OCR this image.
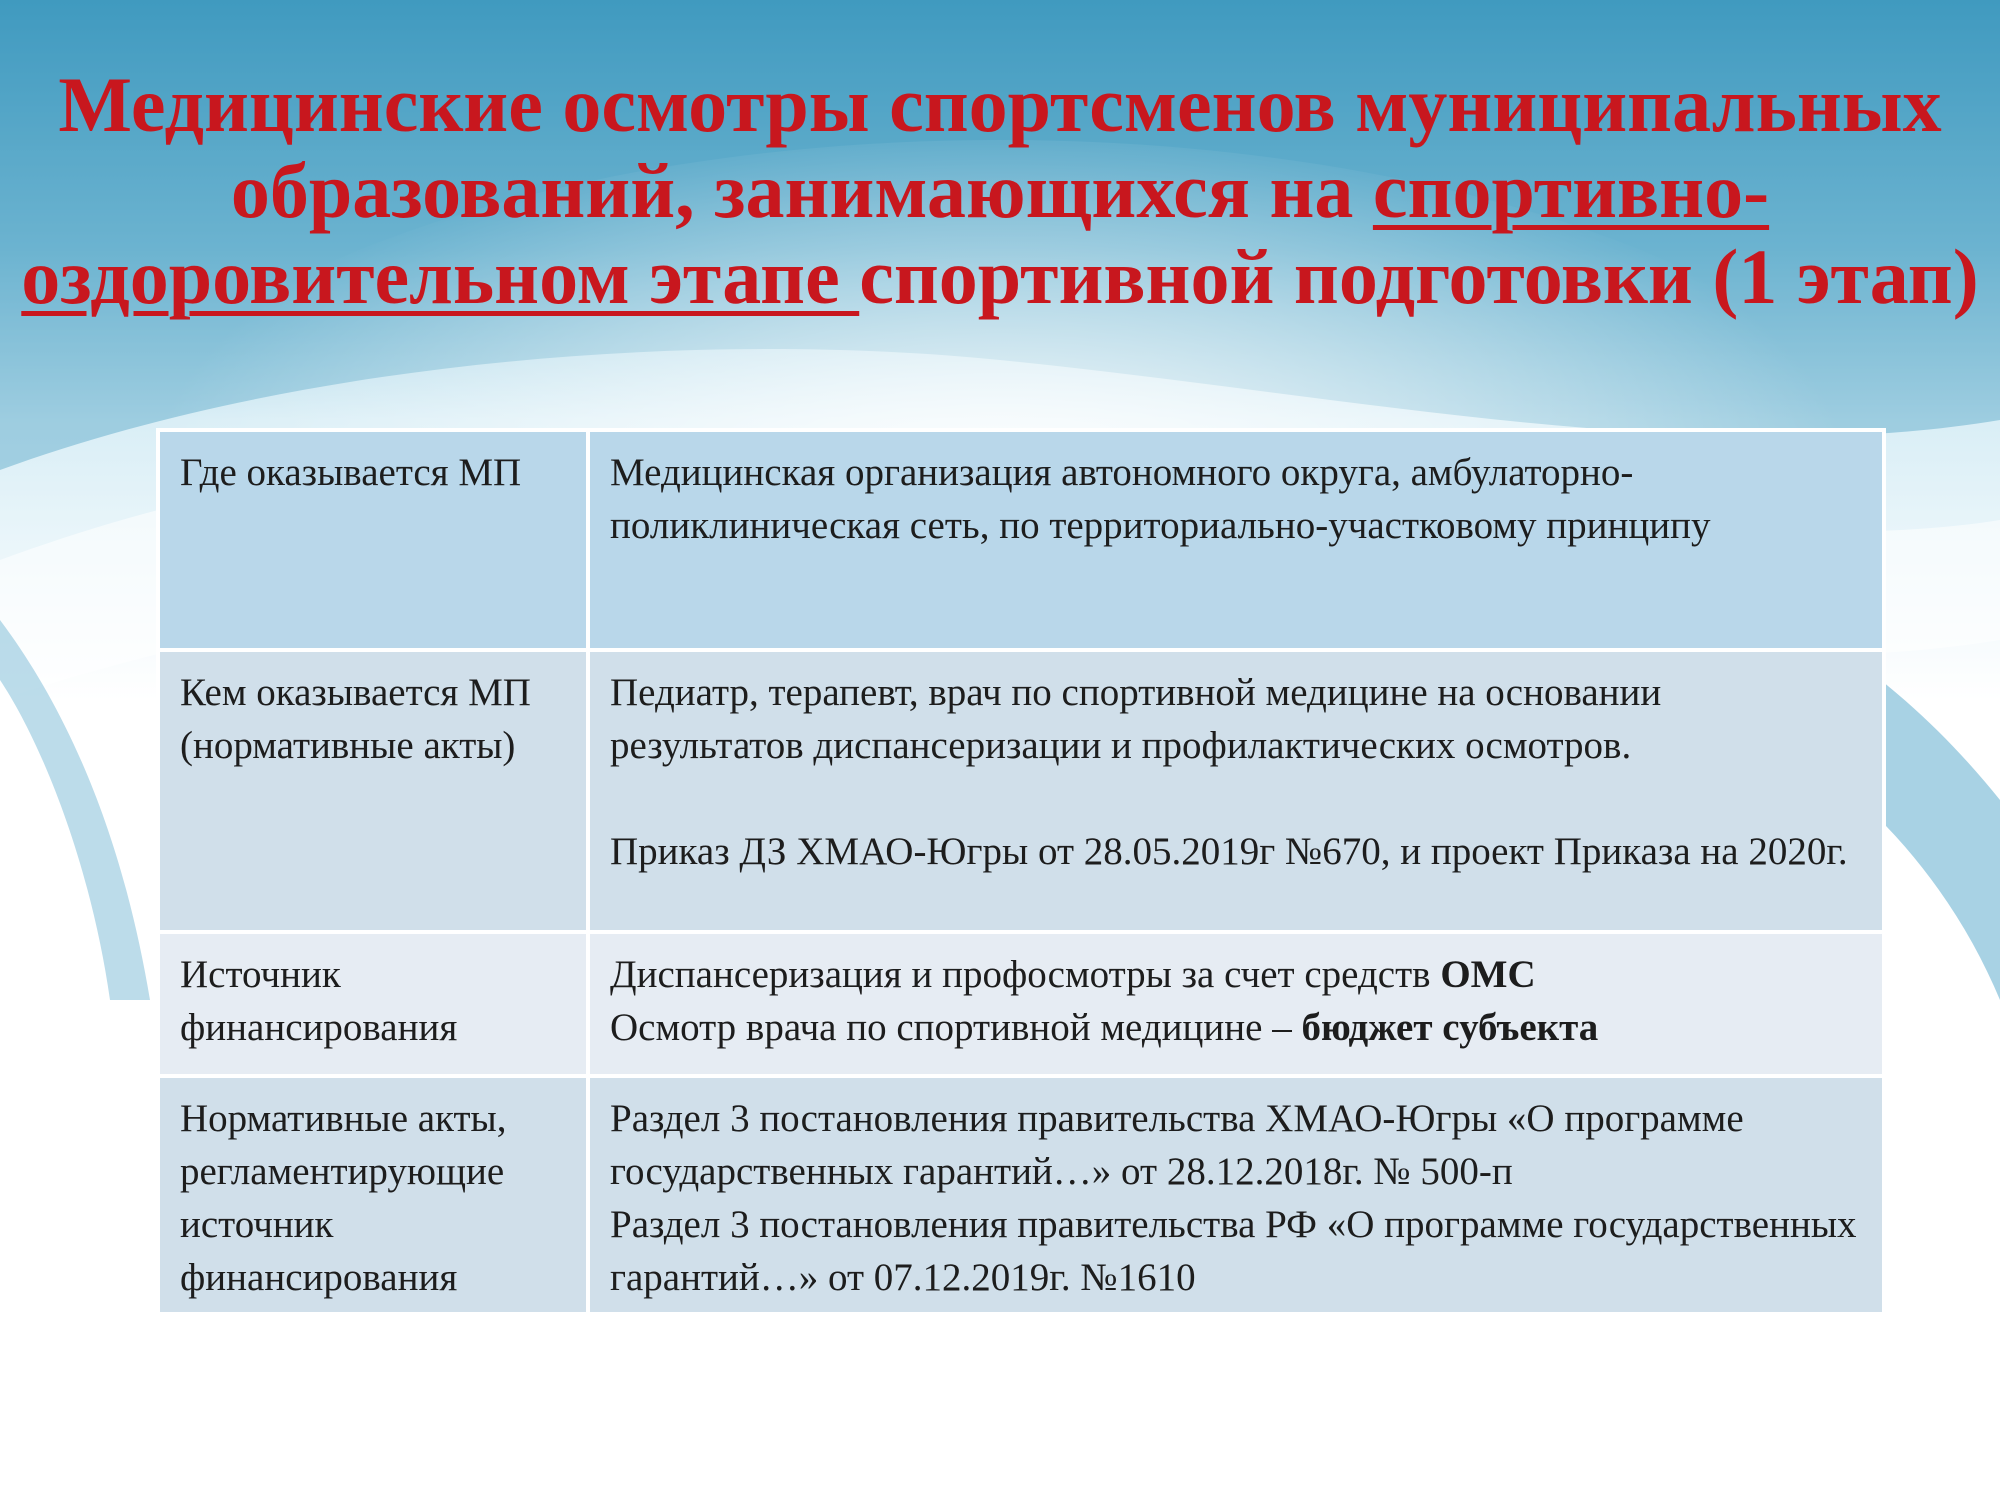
Медицинские осмотры спортсменов муниципальных образований, занимающихся на спортивно-оздоровительном этапе спортивной подготовки (1 этап)
Где оказывается МП	Медицинская организация автономного округа, амбулаторно-поликлиническая сеть, по территориально-участковому принципу
Кем оказывается МП (нормативные акты)	Педиатр, терапевт, врач по спортивной медицине на основании результатов диспансеризации и профилактических осмотров.
Приказ ДЗ ХМАО-Югры от 28.05.2019г №670, и проект Приказа на 2020г.

Источник финансирования	Диспансеризация и профосмотры за счет средств ОМС
Осмотр врача по спортивной медицине – бюджет субъекта

Нормативные акты, регламентирующие источник финансирования	Раздел 3 постановления правительства ХМАО-Югры «О программе государственных гарантий…» от 28.12.2018г. № 500-п
Раздел 3 постановления правительства РФ «О программе государственных гарантий…» от 07.12.2019г. №1610
